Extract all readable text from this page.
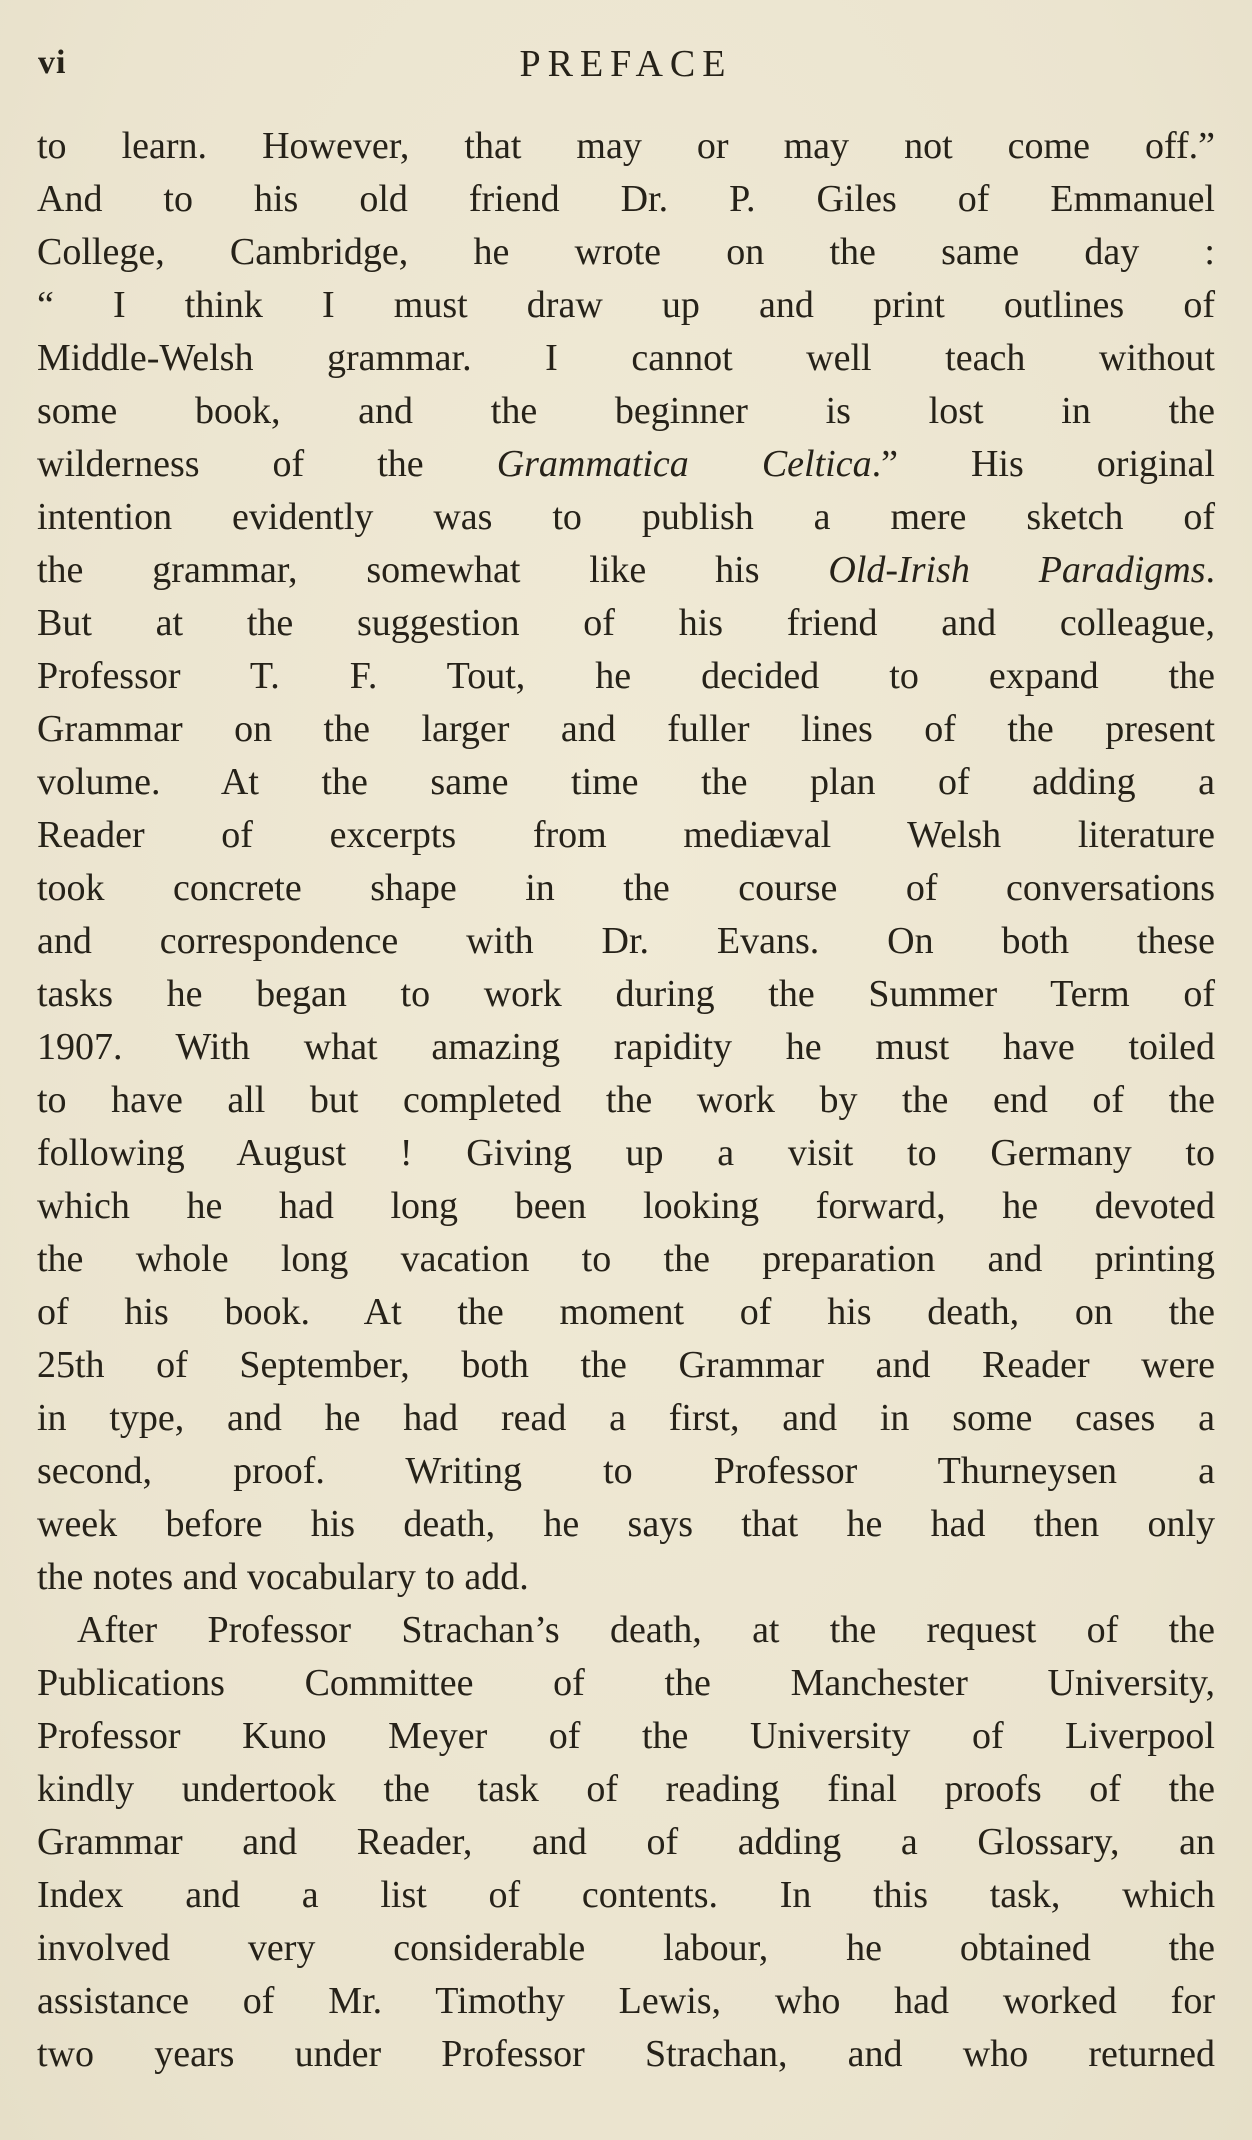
vi	PREFACE
to learn. However, that may or may not come off.”
And to his old friend Dr. P. Giles of Emmanuel
College, Cambridge, he wrote on the same day :
“ I think I must draw up and print outlines of
Middle-Welsh grammar. I cannot well teach without
some book, and the beginner is lost in the
wilderness of the Grammatica Celtica.” His original
intention evidently was to publish a mere sketch of
the grammar, somewhat like his Old-Irish Paradigms.
But at the suggestion of his friend and colleague,
Professor T. F. Tout, he decided to expand the
Grammar on the larger and fuller lines of the present
volume. At the same time the plan of adding a
Reader of excerpts from mediæval Welsh literature
took concrete shape in the course of conversations
and correspondence with Dr. Evans. On both these
tasks he began to work during the Summer Term of
1907. With what amazing rapidity he must have toiled
to have all but completed the work by the end of the
following August ! Giving up a visit to Germany to
which he had long been looking forward, he devoted
the whole long vacation to the preparation and printing
of his book. At the moment of his death, on the
25th of September, both the Grammar and Reader were
in type, and he had read a first, and in some cases a
second, proof. Writing to Professor Thurneysen a
week before his death, he says that he had then only
the notes and vocabulary to add.
After Professor Strachan’s death, at the request of the
Publications Committee of the Manchester University,
Professor Kuno Meyer of the University of Liverpool
kindly undertook the task of reading final proofs of the
Grammar and Reader, and of adding a Glossary, an
Index and a list of contents. In this task, which
involved very considerable labour, he obtained the
assistance of Mr. Timothy Lewis, who had worked for
two years under Professor Strachan, and who returned
